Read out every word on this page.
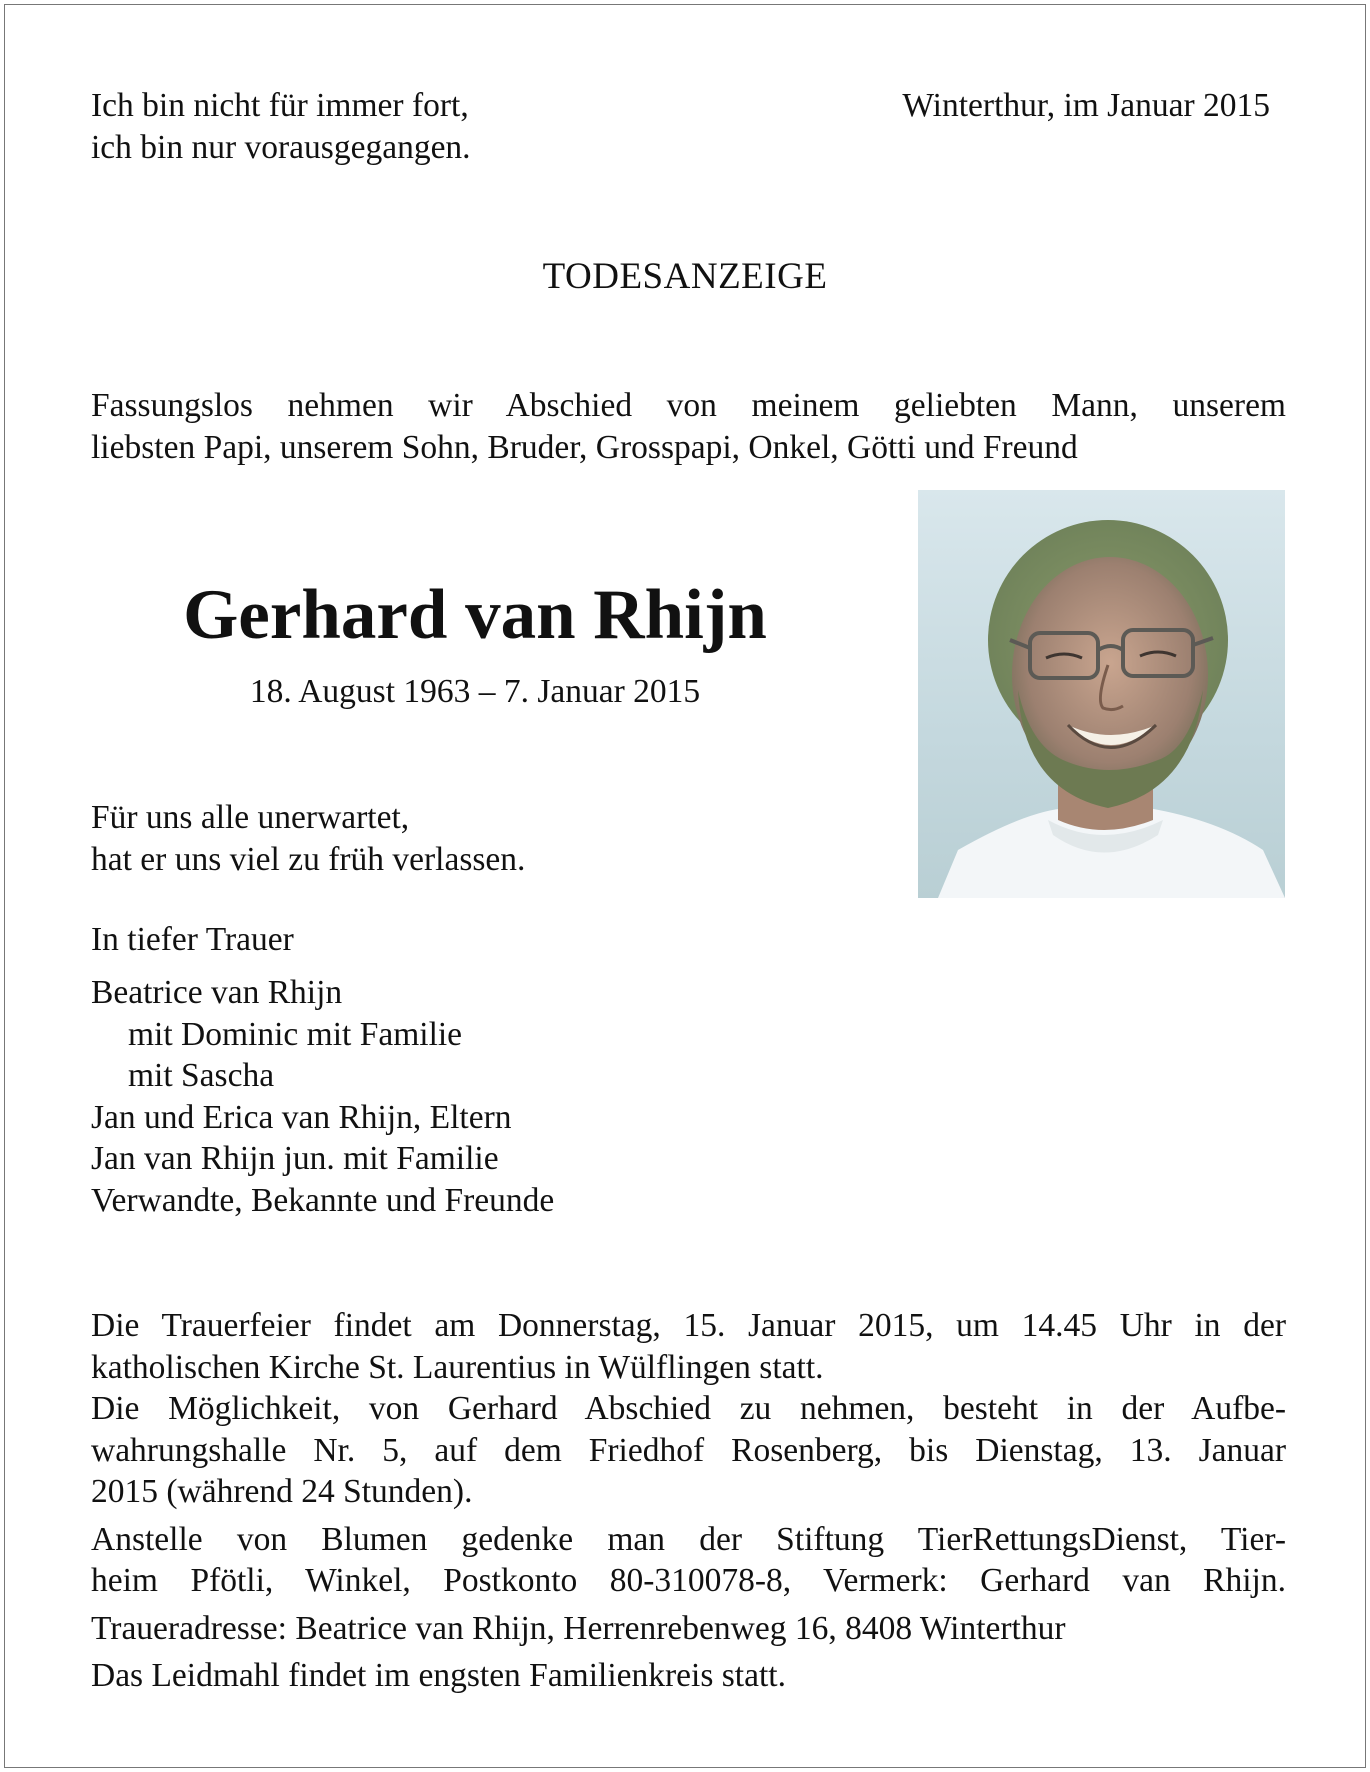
Ich bin nicht für immer fort,
ich bin nur vorausgegangen.
Winterthur, im Januar 2015
TODESANZEIGE
Fassungslos nehmen wir Abschied von meinem geliebten Mann, unserem
liebsten Papi, unserem Sohn, Bruder, Grosspapi, Onkel, Götti und Freund
Gerhard van Rhijn
18. August 1963 – 7. Januar 2015
Für uns alle unerwartet,
hat er uns viel zu früh verlassen.
In tiefer Trauer
Beatrice van Rhijn
mit Dominic mit Familie
mit Sascha
Jan und Erica van Rhijn, Eltern
Jan van Rhijn jun. mit Familie
Verwandte, Bekannte und Freunde

Die Trauerfeier findet am Donnerstag, 15. Januar 2015, um 14.45 Uhr in der
katholischen Kirche St. Laurentius in Wülflingen statt.
Die Möglichkeit, von Gerhard Abschied zu nehmen, besteht in der Aufbe-
wahrungshalle Nr. 5, auf dem Friedhof Rosenberg, bis Dienstag, 13. Januar
2015 (während 24 Stunden).

Anstelle von Blumen gedenke man der Stiftung TierRettungsDienst, Tier-
heim Pfötli, Winkel, Postkonto 80-310078-8, Vermerk: Gerhard van Rhijn.

Traueradresse: Beatrice van Rhijn, Herrenrebenweg 16, 8408 Winterthur

Das Leidmahl findet im engsten Familienkreis statt.
